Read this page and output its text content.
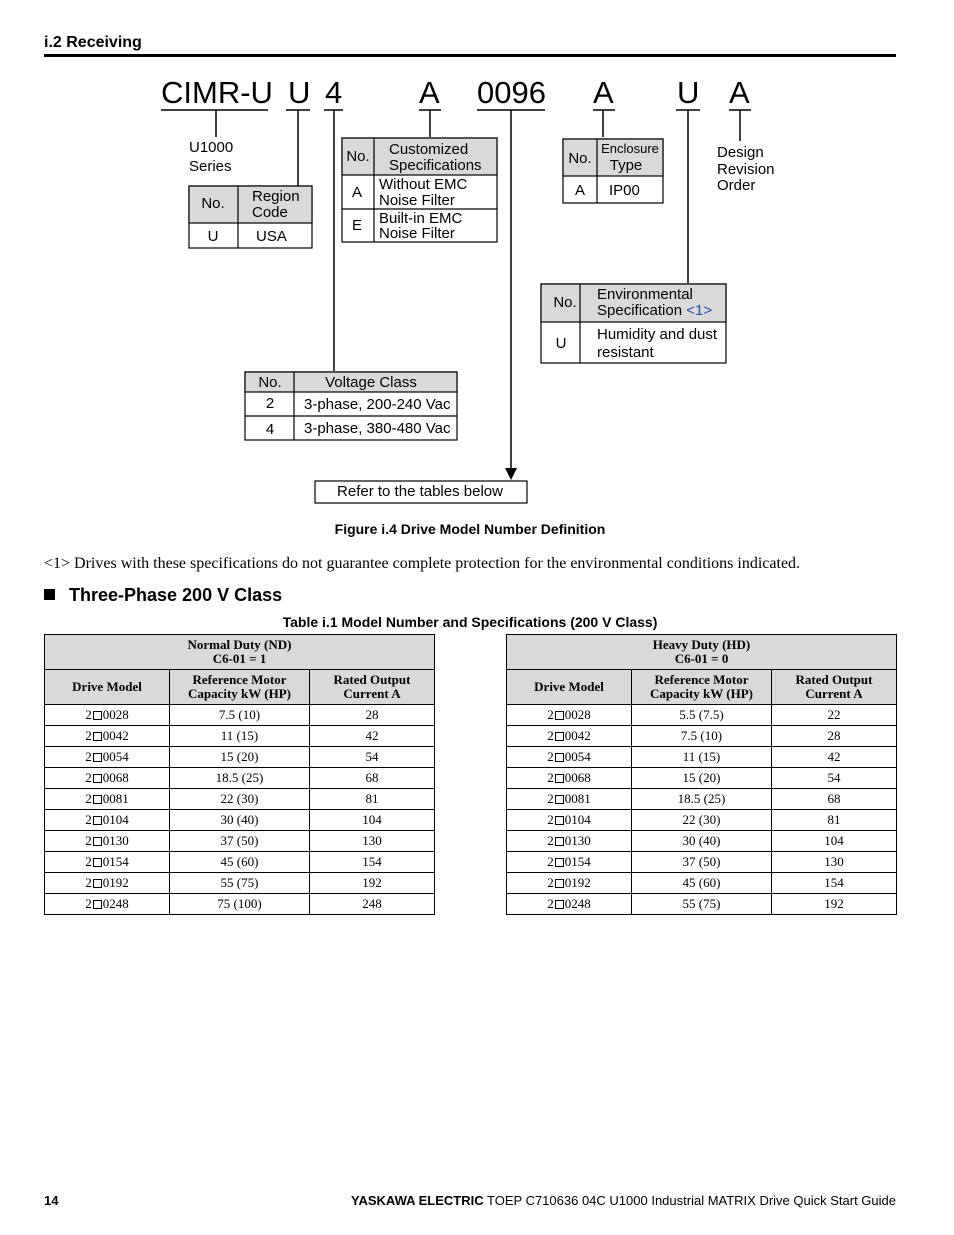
i.2 Receiving
CIMR-U U 4 A 0096 A U A
U1000
Series
Design
Revision
Order
No. Region
Code
U	USA
No. Customized
Specifications
A Without EMC
Noise Filter
E Built-in EMC
Noise Filter
No.
Enclosure
Type
A IP00
No. Environmental
Specification <1>
U
Humidity and dust
resistant
No.	Voltage Class
2 3-phase, 200-240 Vac
4 3-phase, 380-480 Vac
Refer to the tables below
Figure i.4 Drive Model Number Definition
<1> Drives with these specifications do not guarantee complete protection for the environmental conditions indicated.
Three-Phase 200 V Class
Table i.1 Model Number and Specifications (200 V Class)
Normal Duty (ND)
C6-01 = 1		
Drive Model	Reference Motor Capacity kW (HP)	Rated Output Current A
2 0028	7.5 (10)	28
2 0042	11 (15)	42
2 0054	15 (20)	54
2 0068	18.5 (25)	68
2 0081	22 (30)	81
2 0104	30 (40)	104
2 0130	37 (50)	130
2 0154	45 (60)	154
2 0192	55 (75)	192
2 0248	75 (100)	248
Heavy Duty (HD)
C6-01 = 0		
Drive Model	Reference Motor Capacity kW (HP)	Rated Output Current A
2 0028	5.5 (7.5)	22
2 0042	7.5 (10)	28
2 0054	11 (15)	42
2 0068	15 (20)	54
2 0081	18.5 (25)	68
2 0104	22 (30)	81
2 0130	30 (40)	104
2 0154	37 (50)	130
2 0192	45 (60)	154
2 0248	55 (75)	192
14	YASKAWA ELECTRIC TOEP C710636 04C U1000 Industrial MATRIX Drive Quick Start Guide
